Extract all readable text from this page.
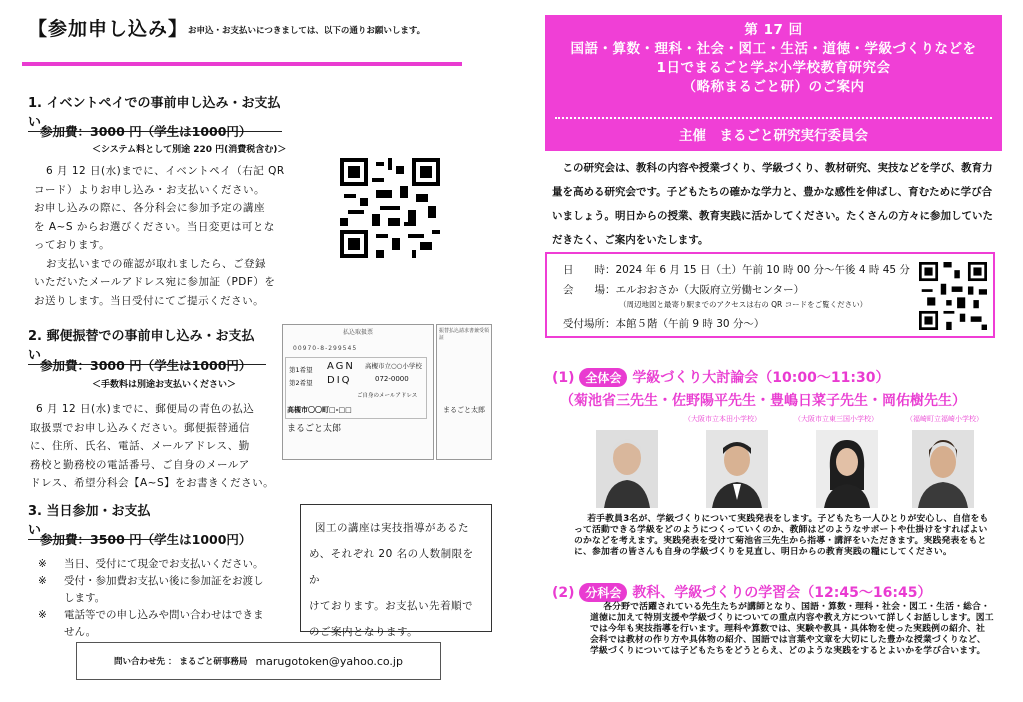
【参加申し込み】 お申込・お支払いにつきましては、以下の通りお願いします。
1. イベントペイでの事前申し込み・お支払い
参加費：3000 円（学生は1000円）
＜システム料として別途 220 円(消費税含む)＞
6 月 12 日(水)までに、イベントペイ（右記 QR
コード）よりお申し込み・お支払いください。
お申し込みの際に、各分科会に参加予定の講座
を A~S からお選びください。当日変更は可とな
っております。
お支払いまでの確認が取れましたら、ご登録
いただいたメールアドレス宛に参加証（PDF）を
お送りします。当日受付にてご提示ください。
2. 郵便振替での事前申し込み・お支払い
参加費：3000 円（学生は1000円）
＜手数料は別途お支払いください＞
6 月 12 日(水)までに、郵便局の青色の払込
取扱票でお申し込みください。郵便振替通信
に、住所、氏名、電話、メールアドレス、勤
務校と勤務校の電話番号、ご自身のメールア
ドレス、希望分科会【A~S】をお書きください。
払込取扱票
00970-8-299545
第1希望 AGN
第2希望 DIQ
高槻市立○○小学校
072-0000
ご自身のメールアドレス
高槻市〇〇町□-□□
まるごと太郎
振替払込請求書兼受領証
まるごと太郎
3. 当日参加・お支払い
参加費：3500 円（学生は1000円）
※	当日、受付にて現金でお支払いください。
※	受付・参加費お支払い後に参加証をお渡し
します。
※	電話等での申し込みや問い合わせはできま
せん。
図工の講座は実技指導があるた
め、それぞれ 20 名の人数制限をか
けております。お支払い先着順で
のご案内となります。
問い合わせ先 ： まるごと研事務局 marugotoken@yahoo.co.jp
第 17 回
国語・算数・理科・社会・図工・生活・道徳・学級づくりなどを
1日でまるごと学ぶ小学校教育研究会
（略称まるごと研）のご案内
主催　まるごと研究実行委員会
この研究会は、教科の内容や授業づくり、学級づくり、教材研究、実技などを学び、教育力量を高める研究会です。子どもたちの確かな学力と、豊かな感性を伸ばし、育むために学び合いましょう。明日からの授業、教育実践に活かしてください。たくさんの方々に参加していただきたく、ご案内をいたします。
日　　時：2024 年 6 月 15 日（土）午前 10 時 00 分～午後 4 時 45 分
会　　場：エルおおさか（大阪府立労働センター）
（周辺地図と最寄り駅までのアクセスは右の QR コードをご覧ください）
受付場所：本館５階（午前 9 時 30 分～）
(1) 全体会 学級づくり大討論会（10:00～11:30）
（菊池省三先生・佐野陽平先生・豊嶋日菜子先生・岡佑樹先生）
（大阪市立本田小学校）	（大阪市立東三国小学校）	（福崎町立福崎小学校）
若手教員3名が、学級づくりについて実践発表をします。子どもたち一人ひとりが安心し、自信をもって活動できる学級をどのようにつくっていくのか、教師はどのようなサポートや仕掛けをすればよいのかなどを考えます。実践発表を受けて菊池省三先生から指導・講評をいただきます。実践発表をもとに、参加者の皆さんも自身の学級づくりを見直し、明日からの教育実践の糧にしてください。
(2) 分科会 教科、学級づくりの学習会（12:45～16:45）
各分野で活躍されている先生たちが講師となり、国語・算数・理科・社会・図工・生活・総合・道徳に加えて特別支援や学級づくりについての重点内容や教え方について詳しくお話しします。図工では今年も実技指導を行います。理科や算数では、実験や教具・具体物を使った実践例の紹介、社会科では教材の作り方や具体物の紹介、国語では言葉や文章を大切にした豊かな授業づくりなど、学級づくりについては子どもたちをどうとらえ、どのような実践をするとよいかを学び合います。
